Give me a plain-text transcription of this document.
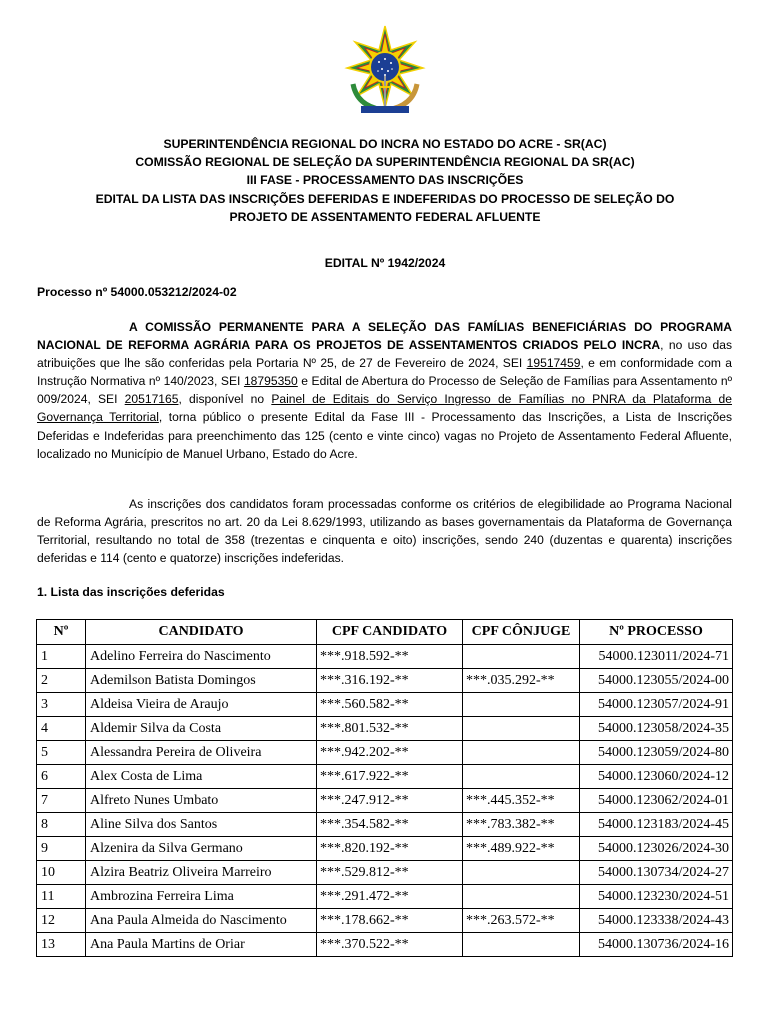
SUPERINTENDÊNCIA REGIONAL DO INCRA NO ESTADO DO ACRE - SR(AC)
COMISSÃO REGIONAL DE SELEÇÃO DA SUPERINTENDÊNCIA REGIONAL DA SR(AC)
III FASE - PROCESSAMENTO DAS INSCRIÇÕES
EDITAL DA LISTA DAS INSCRIÇÕES DEFERIDAS E INDEFERIDAS DO PROCESSO DE SELEÇÃO DO
PROJETO DE ASSENTAMENTO FEDERAL AFLUENTE
EDITAL Nº 1942/2024
Processo nº 54000.053212/2024-02
A COMISSÃO PERMANENTE PARA A SELEÇÃO DAS FAMÍLIAS BENEFICIÁRIAS DO PROGRAMA NACIONAL DE REFORMA AGRÁRIA PARA OS PROJETOS DE ASSENTAMENTOS CRIADOS PELO INCRA, no uso das atribuições que lhe são conferidas pela Portaria Nº 25, de 27 de Fevereiro de 2024, SEI 19517459, e em conformidade com a Instrução Normativa nº 140/2023, SEI 18795350 e Edital de Abertura do Processo de Seleção de Famílias para Assentamento nº 009/2024, SEI 20517165, disponível no Painel de Editais do Serviço Ingresso de Famílias no PNRA da Plataforma de Governança Territorial, torna público o presente Edital da Fase III - Processamento das Inscrições, a Lista de Inscrições Deferidas e Indeferidas para preenchimento das 125 (cento e vinte cinco) vagas no Projeto de Assentamento Federal Afluente, localizado no Município de Manuel Urbano, Estado do Acre.
As inscrições dos candidatos foram processadas conforme os critérios de elegibilidade ao Programa Nacional de Reforma Agrária, prescritos no art. 20 da Lei 8.629/1993, utilizando as bases governamentais da Plataforma de Governança Territorial, resultando no total de 358 (trezentas e cinquenta e oito) inscrições, sendo 240 (duzentas e quarenta) inscrições deferidas e 114 (cento e quatorze) inscrições indeferidas.
1. Lista das inscrições deferidas
Nº	CANDIDATO	CPF CANDIDATO	CPF CÔNJUGE	Nº PROCESSO
1	Adelino Ferreira do Nascimento	***.918.592-**		54000.123011/2024-71
2	Ademilson Batista Domingos	***.316.192-**	***.035.292-**	54000.123055/2024-00
3	Aldeisa Vieira de Araujo	***.560.582-**		54000.123057/2024-91
4	Aldemir Silva da Costa	***.801.532-**		54000.123058/2024-35
5	Alessandra Pereira de Oliveira	***.942.202-**		54000.123059/2024-80
6	Alex Costa de Lima	***.617.922-**		54000.123060/2024-12
7	Alfreto Nunes Umbato	***.247.912-**	***.445.352-**	54000.123062/2024-01
8	Aline Silva dos Santos	***.354.582-**	***.783.382-**	54000.123183/2024-45
9	Alzenira da Silva Germano	***.820.192-**	***.489.922-**	54000.123026/2024-30
10	Alzira Beatriz Oliveira Marreiro	***.529.812-**		54000.130734/2024-27
11	Ambrozina Ferreira Lima	***.291.472-**		54000.123230/2024-51
12	Ana Paula Almeida do Nascimento	***.178.662-**	***.263.572-**	54000.123338/2024-43
13	Ana Paula Martins de Oriar	***.370.522-**		54000.130736/2024-16
